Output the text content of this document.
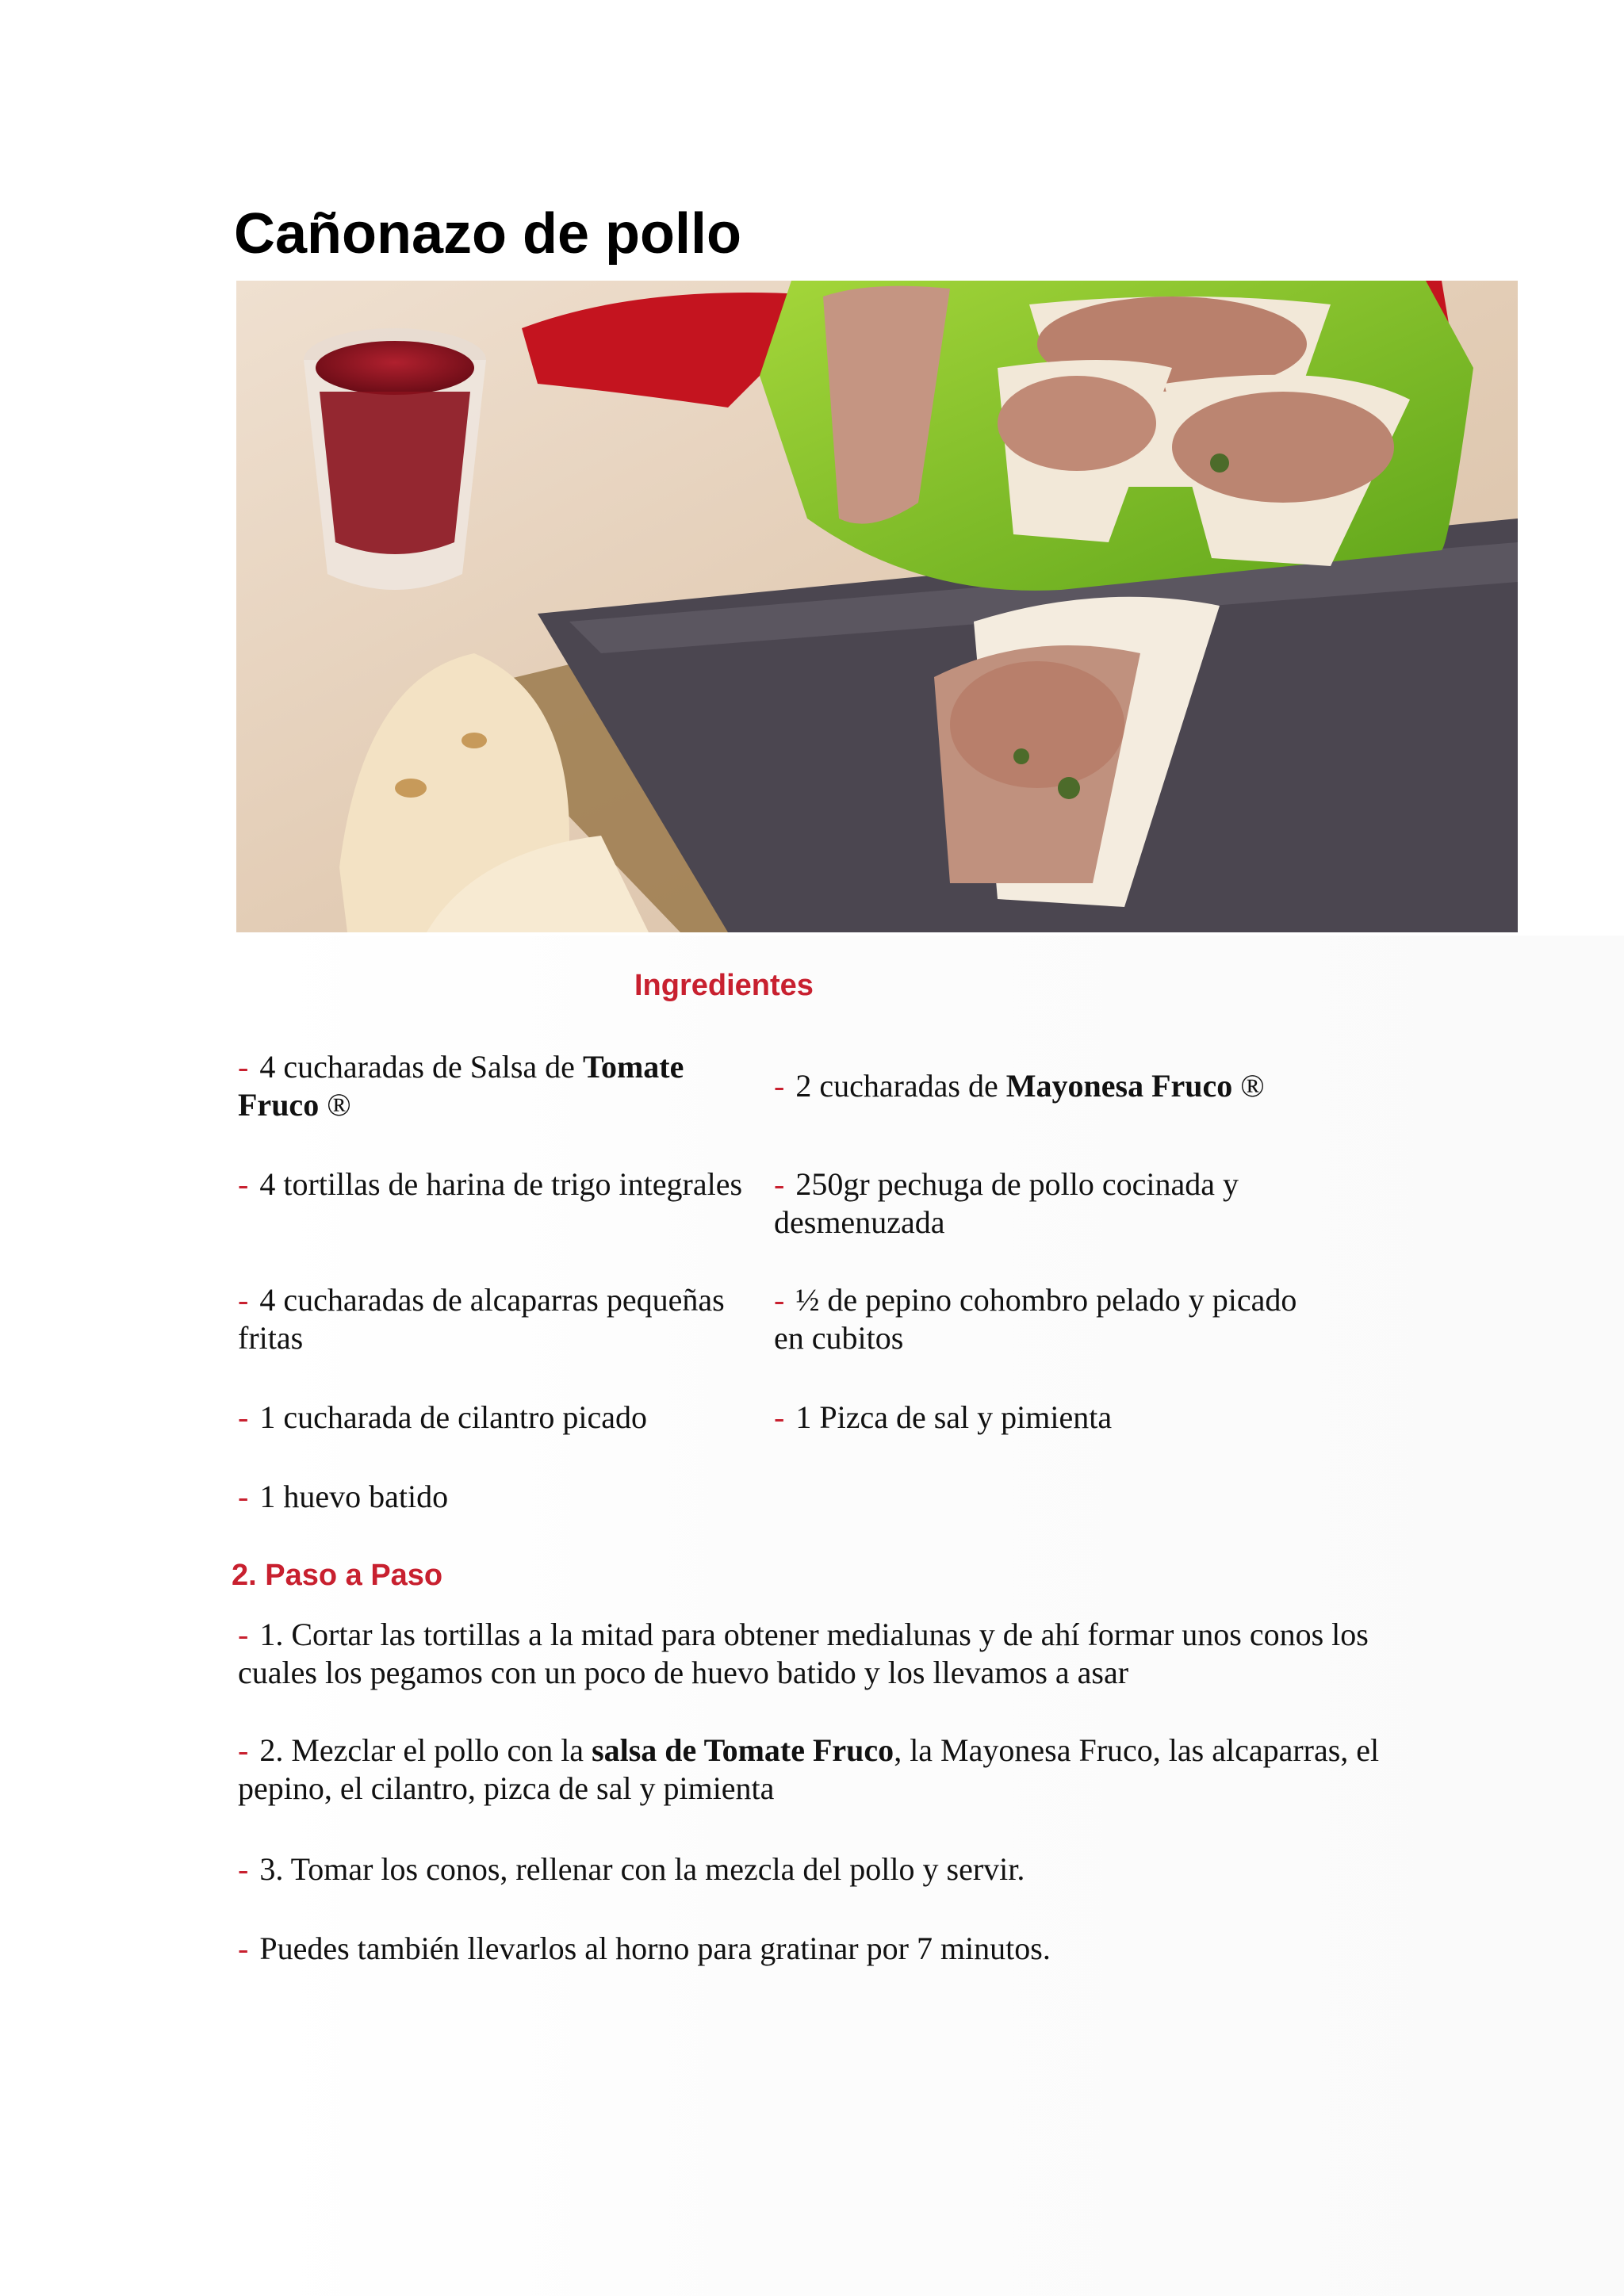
Cañonazo de pollo
Ingredientes
- 4 cucharadas de Salsa de Tomate Fruco ®
- 2 cucharadas de Mayonesa Fruco ®
- 4 tortillas de harina de trigo integrales - 250gr pechuga de pollo cocinada y desmenuzada
- 4 cucharadas de alcaparras pequeñas fritas
- ½ de pepino cohombro pelado y picado en cubitos
- 1 cucharada de cilantro picado	- 1 Pizca de sal y pimienta
- 1 huevo batido
2. Paso a Paso
- 1. Cortar las tortillas a la mitad para obtener medialunas y de ahí formar unos conos los cuales los pegamos con un poco de huevo batido y los llevamos a asar
- 2. Mezclar el pollo con la salsa de Tomate Fruco, la Mayonesa Fruco, las alcaparras, el pepino, el cilantro, pizca de sal y pimienta
- 3. Tomar los conos, rellenar con la mezcla del pollo y servir.
- Puedes también llevarlos al horno para gratinar por 7 minutos.
